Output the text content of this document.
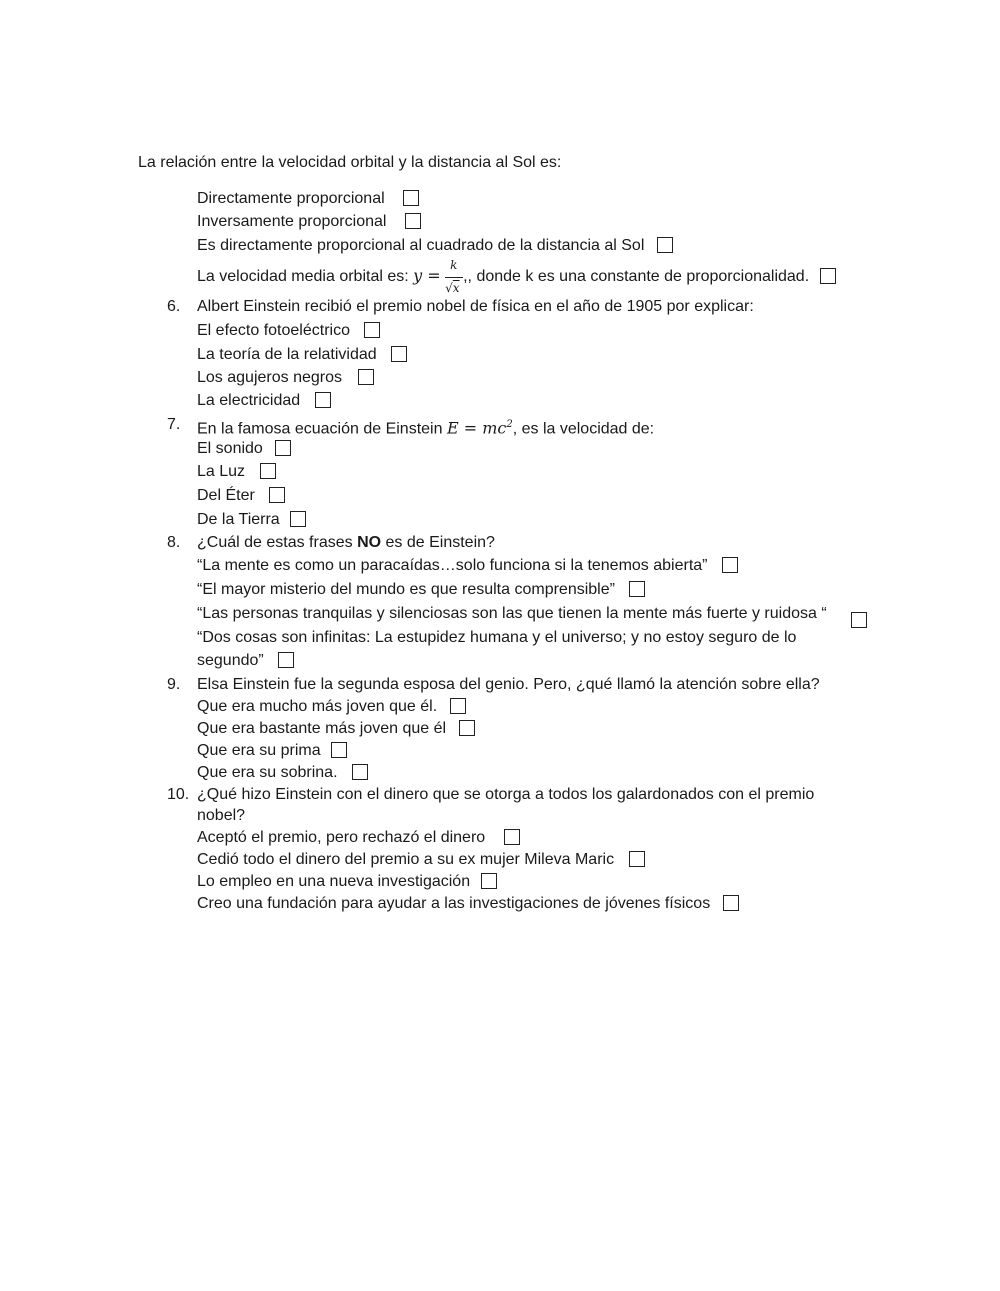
La relación entre la velocidad orbital y la distancia al Sol es:
Directamente proporcional
Inversamente proporcional
Es directamente proporcional al cuadrado de la distancia al Sol
La velocidad media orbital es: $y = \frac{k}{√x}$ ,, donde k es una constante de proporcionalidad.
6. Albert Einstein recibió el premio nobel de física en el año de 1905 por explicar:
El efecto fotoeléctrico
La teoría de la relatividad
Los agujeros negros
La electricidad
7. En la famosa ecuación de Einstein $E = mc^2$, es la velocidad de:
El sonido
La Luz
Del Éter
De la Tierra
8. ¿Cuál de estas frases NO es de Einstein?
“La mente es como un paracaídas…solo funciona si la tenemos abierta”
“El mayor misterio del mundo es que resulta comprensible”
“Las personas tranquilas y silenciosas son las que tienen la mente más fuerte y ruidosa “
“Dos cosas son infinitas: La estupidez humana y el universo; y no estoy seguro de lo
segundo”
9. Elsa Einstein fue la segunda esposa del genio. Pero, ¿qué llamó la atención sobre ella?
Que era mucho más joven que él.
Que era bastante más joven que él
Que era su prima
Que era su sobrina.
10. ¿Qué hizo Einstein con el dinero que se otorga a todos los galardonados con el premio
nobel?
Aceptó el premio, pero rechazó el dinero
Cedió todo el dinero del premio a su ex mujer Mileva Maric
Lo empleo en una nueva investigación
Creo una fundación para ayudar a las investigaciones de jóvenes físicos
